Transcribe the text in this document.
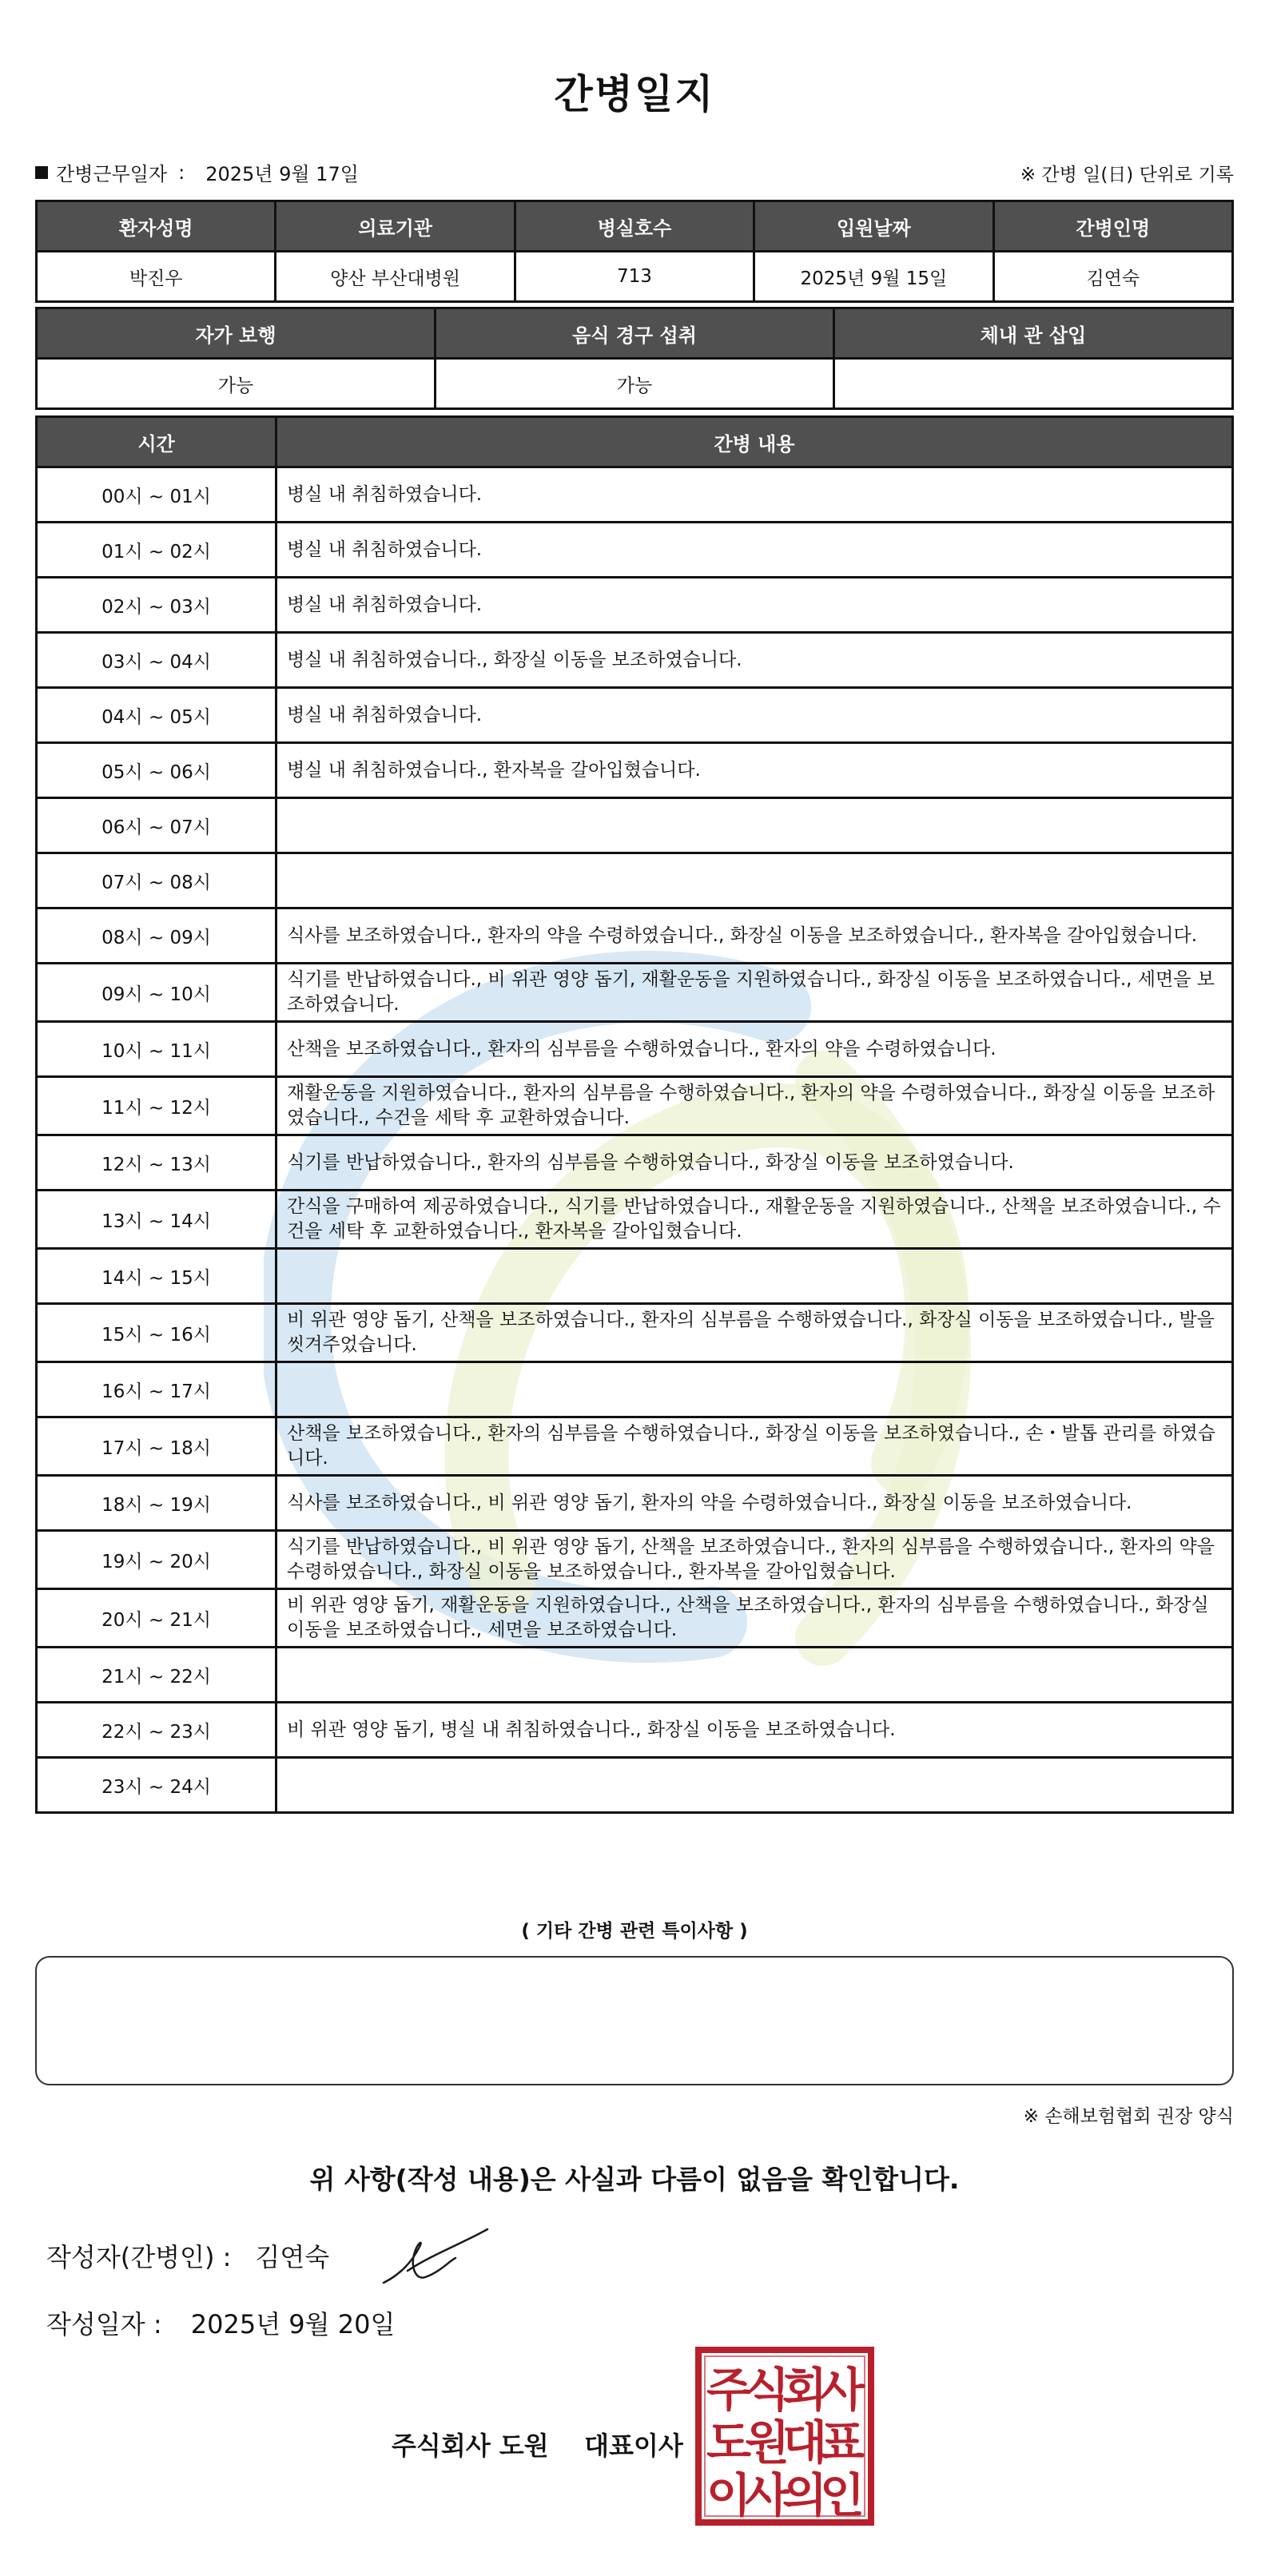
간병일지
간병근무일자 : 2025년 9월 17일	※ 간병 일(日) 단위로 기록
환자성명	의료기관	병실호수	입원날짜	간병인명
박진우	양산 부산대병원	713	2025년 9월 15일	김연숙
자가 보행	음식 경구 섭취	체내 관 삽입
가능	가능	
시간	간병 내용
00시 ~ 01시	병실 내 취침하였습니다.
01시 ~ 02시	병실 내 취침하였습니다.
02시 ~ 03시	병실 내 취침하였습니다.
03시 ~ 04시	병실 내 취침하였습니다., 화장실 이동을 보조하였습니다.
04시 ~ 05시	병실 내 취침하였습니다.
05시 ~ 06시	병실 내 취침하였습니다., 환자복을 갈아입혔습니다.
06시 ~ 07시	
07시 ~ 08시	
08시 ~ 09시	식사를 보조하였습니다., 환자의 약을 수령하였습니다., 화장실 이동을 보조하였습니다., 환자복을 갈아입혔습니다.
09시 ~ 10시	식기를 반납하였습니다., 비 위관 영양 돕기, 재활운동을 지원하였습니다., 화장실 이동을 보조하였습니다., 세면을 보조하였습니다.
10시 ~ 11시	산책을 보조하였습니다., 환자의 심부름을 수행하였습니다., 환자의 약을 수령하였습니다.
11시 ~ 12시	재활운동을 지원하였습니다., 환자의 심부름을 수행하였습니다., 환자의 약을 수령하였습니다., 화장실 이동을 보조하였습니다., 수건을 세탁 후 교환하였습니다.
12시 ~ 13시	식기를 반납하였습니다., 환자의 심부름을 수행하였습니다., 화장실 이동을 보조하였습니다.
13시 ~ 14시	간식을 구매하여 제공하였습니다., 식기를 반납하였습니다., 재활운동을 지원하였습니다., 산책을 보조하였습니다., 수건을 세탁 후 교환하였습니다., 환자복을 갈아입혔습니다.
14시 ~ 15시	
15시 ~ 16시	비 위관 영양 돕기, 산책을 보조하였습니다., 환자의 심부름을 수행하였습니다., 화장실 이동을 보조하였습니다., 발을 씻겨주었습니다.
16시 ~ 17시	
17시 ~ 18시	산책을 보조하였습니다., 환자의 심부름을 수행하였습니다., 화장실 이동을 보조하였습니다., 손・발톱 관리를 하였습니다.
18시 ~ 19시	식사를 보조하였습니다., 비 위관 영양 돕기, 환자의 약을 수령하였습니다., 화장실 이동을 보조하였습니다.
19시 ~ 20시	식기를 반납하였습니다., 비 위관 영양 돕기, 산책을 보조하였습니다., 환자의 심부름을 수행하였습니다., 환자의 약을 수령하였습니다., 화장실 이동을 보조하였습니다., 환자복을 갈아입혔습니다.
20시 ~ 21시	비 위관 영양 돕기, 재활운동을 지원하였습니다., 산책을 보조하였습니다., 환자의 심부름을 수행하였습니다., 화장실 이동을 보조하였습니다., 세면을 보조하였습니다.
21시 ~ 22시	
22시 ~ 23시	비 위관 영양 돕기, 병실 내 취침하였습니다., 화장실 이동을 보조하였습니다.
23시 ~ 24시	
( 기타 간병 관련 특이사항 )
※ 손해보험협회 권장 양식
위 사항(작성 내용)은 사실과 다름이 없음을 확인합니다.
작성자(간병인) : 김연숙
작성일자 : 2025년 9월 20일
주식회사 도원    대표이사
주
식
회
사
도
원
대
표
이
사
의
인
